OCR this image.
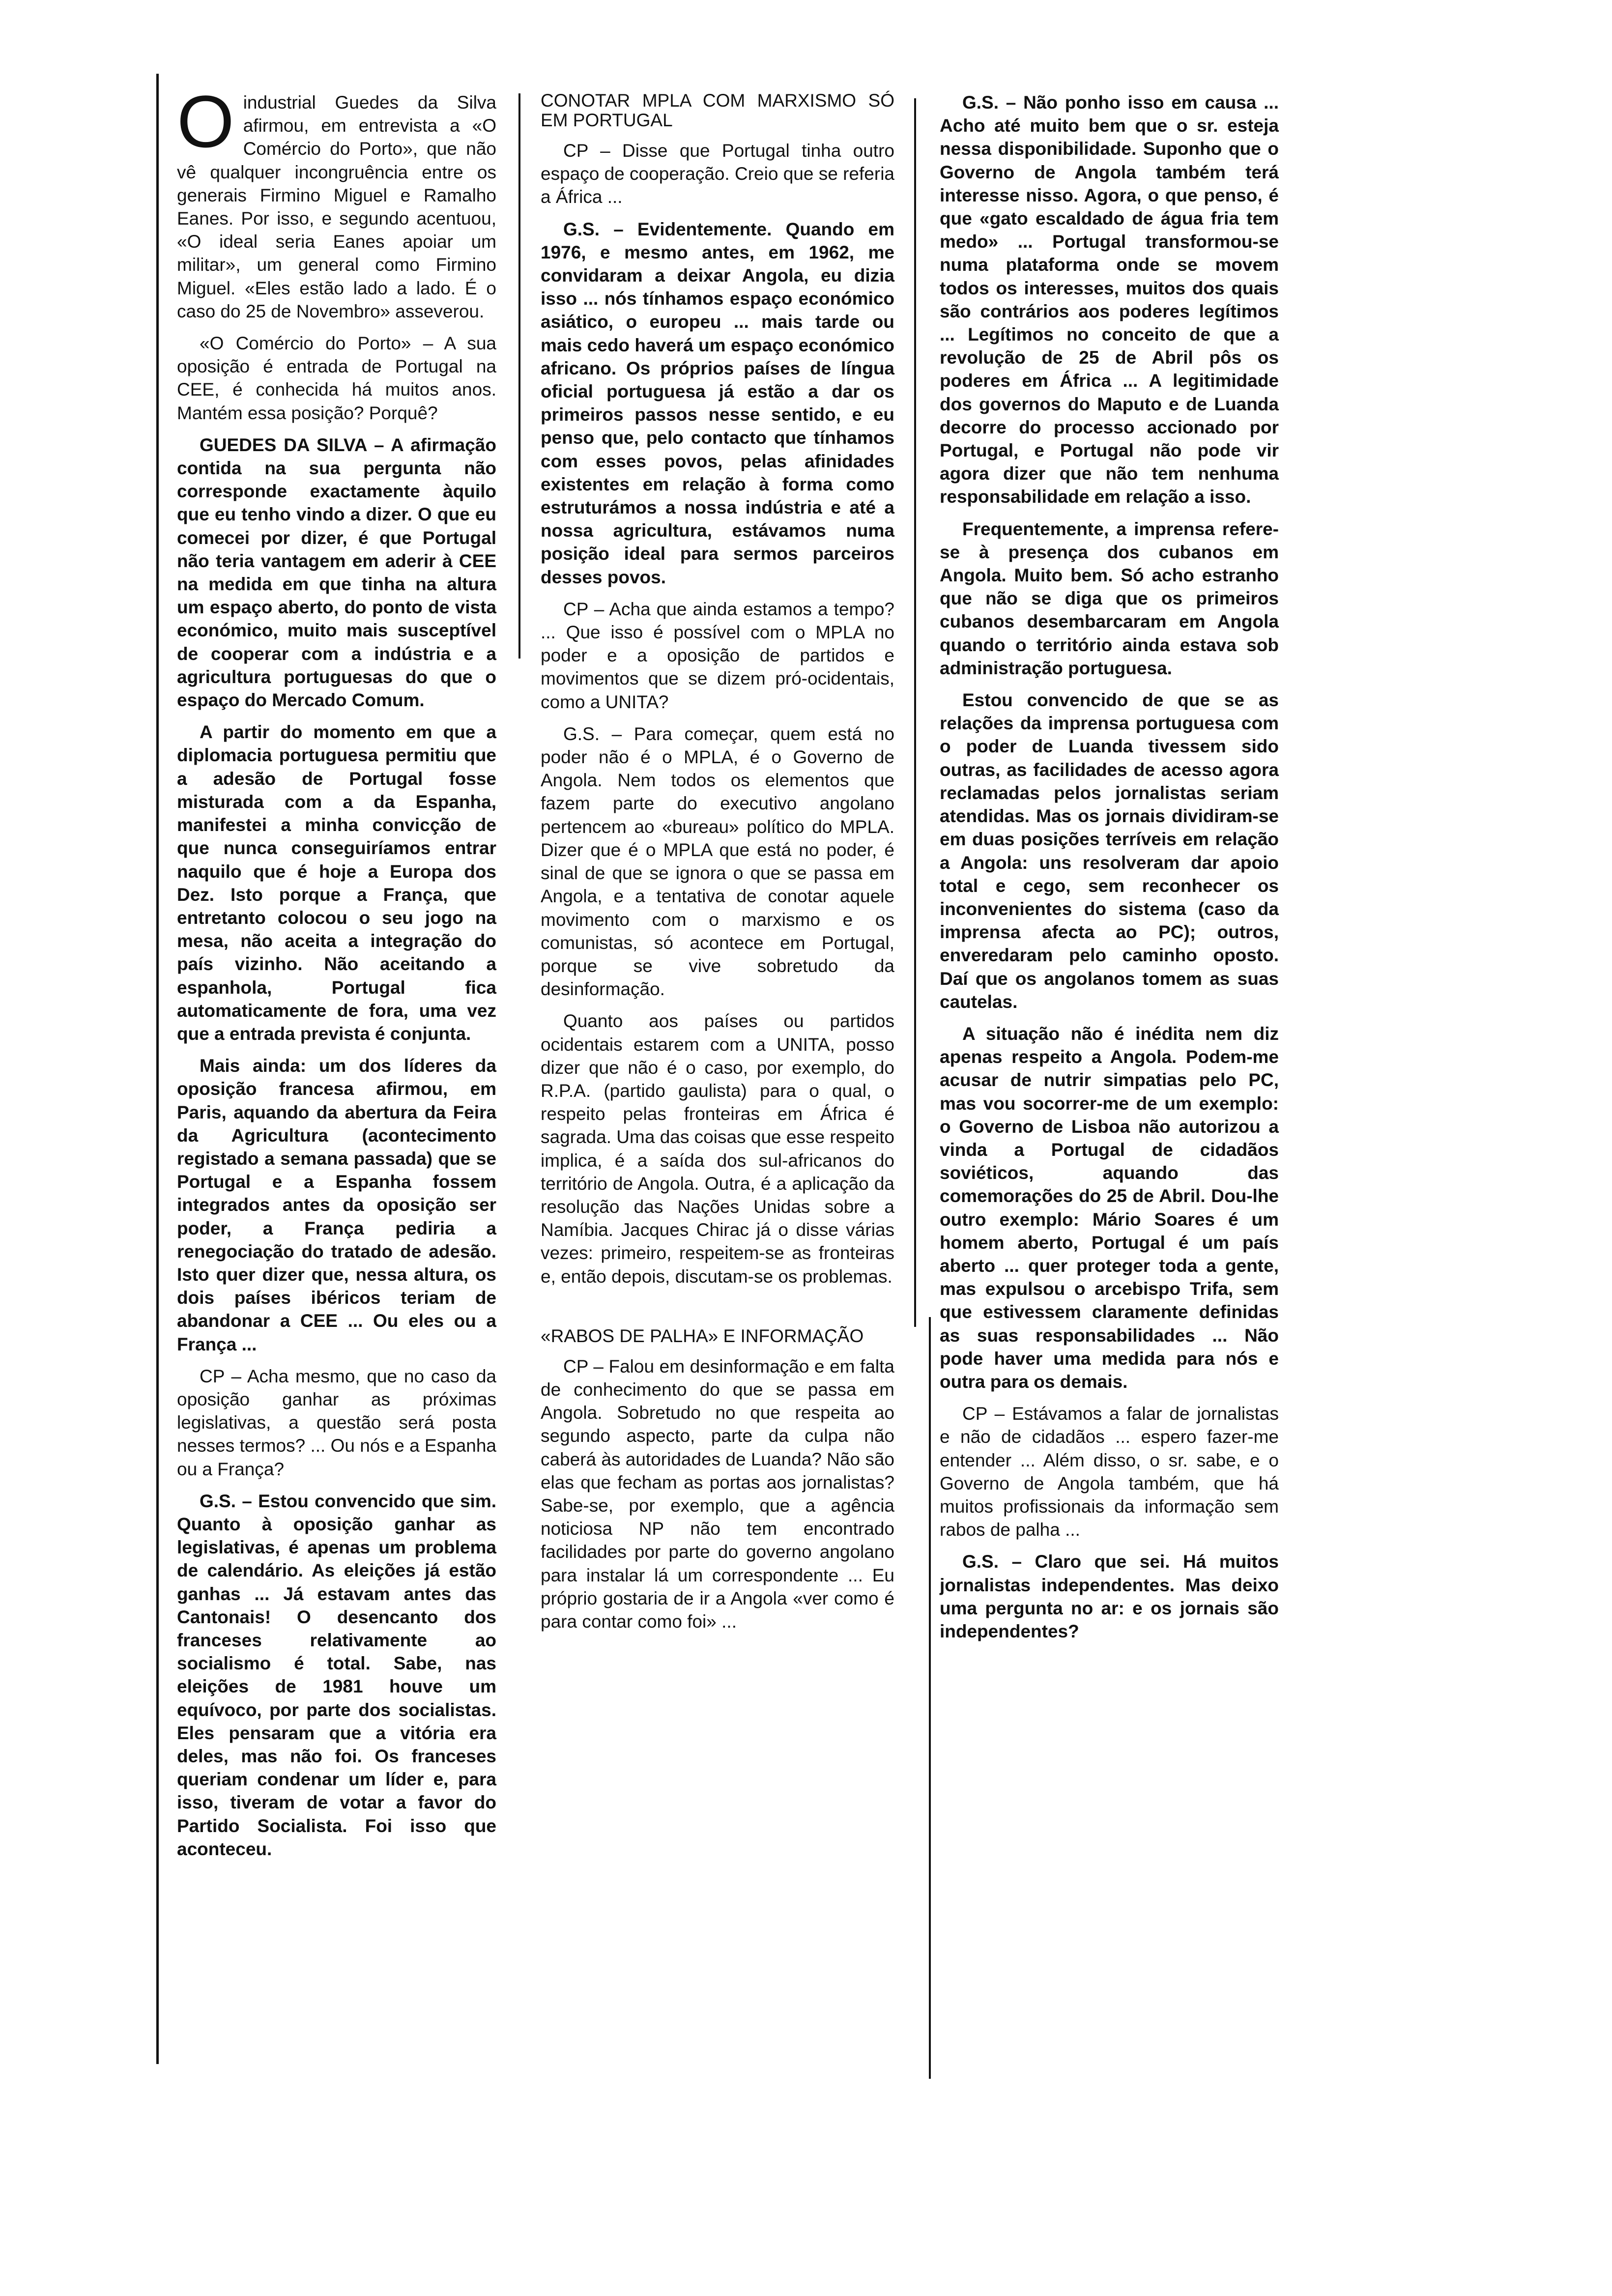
O industrial Guedes da Silva afirmou, em entrevista a «O Comércio do Porto», que não vê qualquer incongruência entre os generais Firmino Miguel e Ramalho Eanes. Por isso, e segundo acentuou, «O ideal seria Eanes apoiar um militar», um general como Firmino Miguel. «Eles estão lado a lado. É o caso do 25 de Novembro» asseverou.

«O Comércio do Porto» – A sua oposição é entrada de Portugal na CEE, é conhecida há muitos anos. Mantém essa posição? Porquê?

GUEDES DA SILVA – A afirmação contida na sua pergunta não corresponde exactamente àquilo que eu tenho vindo a dizer. O que eu comecei por dizer, é que Portugal não teria vantagem em aderir à CEE na medida em que tinha na altura um espaço aberto, do ponto de vista económico, muito mais susceptível de cooperar com a indústria e a agricultura portuguesas do que o espaço do Mercado Comum.

A partir do momento em que a diplomacia portuguesa permitiu que a adesão de Portugal fosse misturada com a da Espanha, manifestei a minha convicção de que nunca conseguiríamos entrar naquilo que é hoje a Europa dos Dez. Isto porque a França, que entretanto colocou o seu jogo na mesa, não aceita a integração do país vizinho. Não aceitando a espanhola, Portugal fica automaticamente de fora, uma vez que a entrada prevista é conjunta.

Mais ainda: um dos líderes da oposição francesa afirmou, em Paris, aquando da abertura da Feira da Agricultura (acontecimento registado a semana passada) que se Portugal e a Espanha fossem integrados antes da oposição ser poder, a França pediria a renegociação do tratado de adesão. Isto quer dizer que, nessa altura, os dois países ibéricos teriam de abandonar a CEE ... Ou eles ou a França ...

CP – Acha mesmo, que no caso da oposição ganhar as próximas legislativas, a questão será posta nesses termos? ... Ou nós e a Espanha ou a França?

G.S. – Estou convencido que sim. Quanto à oposição ganhar as legislativas, é apenas um problema de calendário. As eleições já estão ganhas ... Já estavam antes das Cantonais! O desencanto dos franceses relativamente ao socialismo é total. Sabe, nas eleições de 1981 houve um equívoco, por parte dos socialistas. Eles pensaram que a vitória era deles, mas não foi. Os franceses queriam condenar um líder e, para isso, tiveram de votar a favor do Partido Socialista. Foi isso que aconteceu.

CONOTAR MPLA COM MARXISMO SÓ EM PORTUGAL

CP – Disse que Portugal tinha outro espaço de cooperação. Creio que se referia a África ...

G.S. – Evidentemente. Quando em 1976, e mesmo antes, em 1962, me convidaram a deixar Angola, eu dizia isso ... nós tínhamos espaço económico asiático, o europeu ... mais tarde ou mais cedo haverá um espaço económico africano. Os próprios países de língua oficial portuguesa já estão a dar os primeiros passos nesse sentido, e eu penso que, pelo contacto que tínhamos com esses povos, pelas afinidades existentes em relação à forma como estruturámos a nossa indústria e até a nossa agricultura, estávamos numa posição ideal para sermos parceiros desses povos.

CP – Acha que ainda estamos a tempo? ... Que isso é possível com o MPLA no poder e a oposição de partidos e movimentos que se dizem pró-ocidentais, como a UNITA?

G.S. – Para começar, quem está no poder não é o MPLA, é o Governo de Angola. Nem todos os elementos que fazem parte do executivo angolano pertencem ao «bureau» político do MPLA. Dizer que é o MPLA que está no poder, é sinal de que se ignora o que se passa em Angola, e a tentativa de conotar aquele movimento com o marxismo e os comunistas, só acontece em Portugal, porque se vive sobretudo da desinformação.

Quanto aos países ou partidos ocidentais estarem com a UNITA, posso dizer que não é o caso, por exemplo, do R.P.A. (partido gaulista) para o qual, o respeito pelas fronteiras em África é sagrada. Uma das coisas que esse respeito implica, é a saída dos sul-africanos do território de Angola. Outra, é a aplicação da resolução das Nações Unidas sobre a Namíbia. Jacques Chirac já o disse várias vezes: primeiro, respeitem-se as fronteiras e, então depois, discutam-se os problemas.

«RABOS DE PALHA» E INFORMAÇÃO

CP – Falou em desinformação e em falta de conhecimento do que se passa em Angola. Sobretudo no que respeita ao segundo aspecto, parte da culpa não caberá às autoridades de Luanda? Não são elas que fecham as portas aos jornalistas? Sabe-se, por exemplo, que a agência noticiosa NP não tem encontrado facilidades por parte do governo angolano para instalar lá um correspondente ... Eu próprio gostaria de ir a Angola «ver como é para contar como foi» ...

G.S. – Não ponho isso em causa ... Acho até muito bem que o sr. esteja nessa disponibilidade. Suponho que o Governo de Angola também terá interesse nisso. Agora, o que penso, é que «gato escaldado de água fria tem medo» ... Portugal transformou-se numa plataforma onde se movem todos os interesses, muitos dos quais são contrários aos poderes legítimos ... Legítimos no conceito de que a revolução de 25 de Abril pôs os poderes em África ... A legitimidade dos governos do Maputo e de Luanda decorre do processo accionado por Portugal, e Portugal não pode vir agora dizer que não tem nenhuma responsabilidade em relação a isso.

Frequentemente, a imprensa refere-se à presença dos cubanos em Angola. Muito bem. Só acho estranho que não se diga que os primeiros cubanos desembarcaram em Angola quando o território ainda estava sob administração portuguesa.

Estou convencido de que se as relações da imprensa portuguesa com o poder de Luanda tivessem sido outras, as facilidades de acesso agora reclamadas pelos jornalistas seriam atendidas. Mas os jornais dividiram-se em duas posições terríveis em relação a Angola: uns resolveram dar apoio total e cego, sem reconhecer os inconvenientes do sistema (caso da imprensa afecta ao PC); outros, enveredaram pelo caminho oposto. Daí que os angolanos tomem as suas cautelas.

A situação não é inédita nem diz apenas respeito a Angola. Podem-me acusar de nutrir simpatias pelo PC, mas vou socorrer-me de um exemplo: o Governo de Lisboa não autorizou a vinda a Portugal de cidadãos soviéticos, aquando das comemorações do 25 de Abril. Dou-lhe outro exemplo: Mário Soares é um homem aberto, Portugal é um país aberto ... quer proteger toda a gente, mas expulsou o arcebispo Trifa, sem que estivessem claramente definidas as suas responsabilidades ... Não pode haver uma medida para nós e outra para os demais.

CP – Estávamos a falar de jornalistas e não de cidadãos ... espero fazer-me entender ... Além disso, o sr. sabe, e o Governo de Angola também, que há muitos profissionais da informação sem rabos de palha ...

G.S. – Claro que sei. Há muitos jornalistas independentes. Mas deixo uma pergunta no ar: e os jornais são independentes?
